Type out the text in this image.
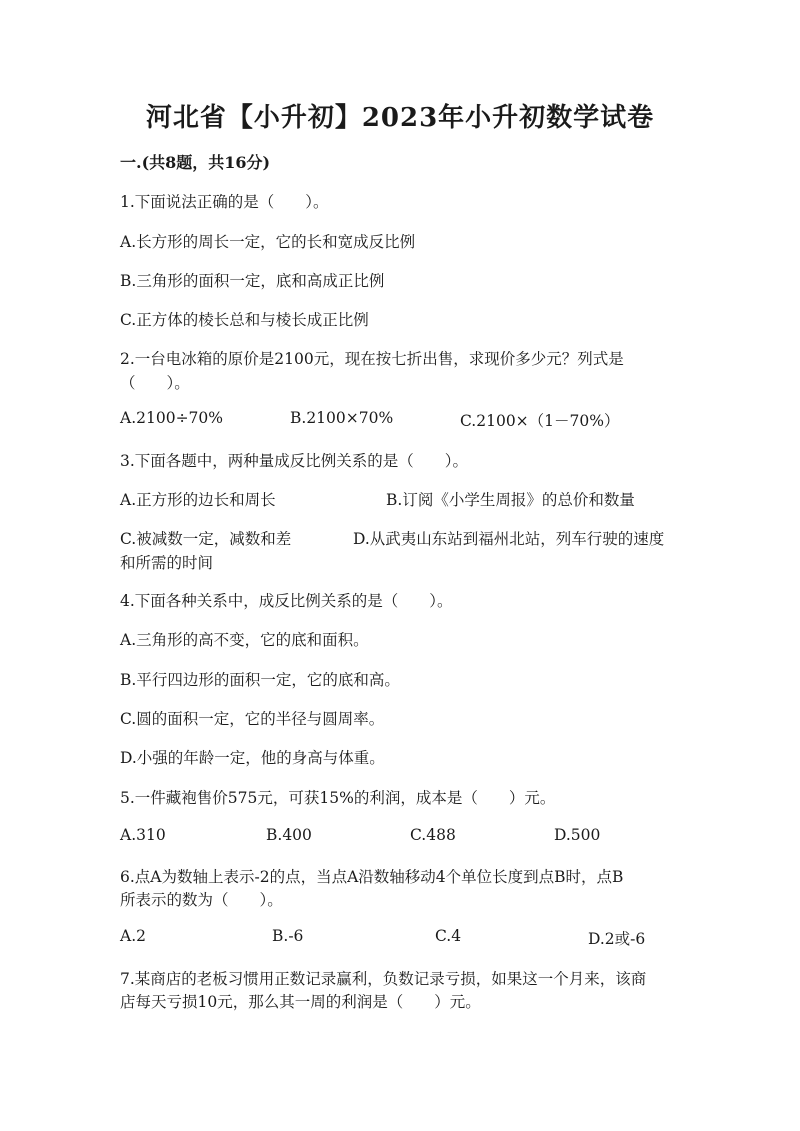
河北省【小升初】2023年小升初数学试卷
一.(共8题，共16分)
1.下面说法正确的是（　　）。
A.长方形的周长一定，它的长和宽成反比例
B.三角形的面积一定，底和高成正比例
C.正方体的棱长总和与棱长成正比例
2.一台电冰箱的原价是2100元，现在按七折出售，求现价多少元？列式是
（　　）。
A.2100÷70%	B.2100×70%	C.2100×（1－70%）
3.下面各题中，两种量成反比例关系的是（　　）。
A.正方形的边长和周长	B.订阅《小学生周报》的总价和数量
C.被减数一定，减数和差	D.从武夷山东站到福州北站，列车行驶的速度
和所需的时间
4.下面各种关系中，成反比例关系的是（　　）。
A.三角形的高不变，它的底和面积。
B.平行四边形的面积一定，它的底和高。
C.圆的面积一定，它的半径与圆周率。
D.小强的年龄一定，他的身高与体重。
5.一件藏袍售价575元，可获15%的利润，成本是（　　）元。
A.310	B.400	C.488	D.500
6.点A为数轴上表示-2的点，当点A沿数轴移动4个单位长度到点B时，点B
所表示的数为（　　）。
A.2	B.-6	C.4	D.2或-6
7.某商店的老板习惯用正数记录赢利，负数记录亏损，如果这一个月来，该商
店每天亏损10元，那么其一周的利润是（　　）元。
